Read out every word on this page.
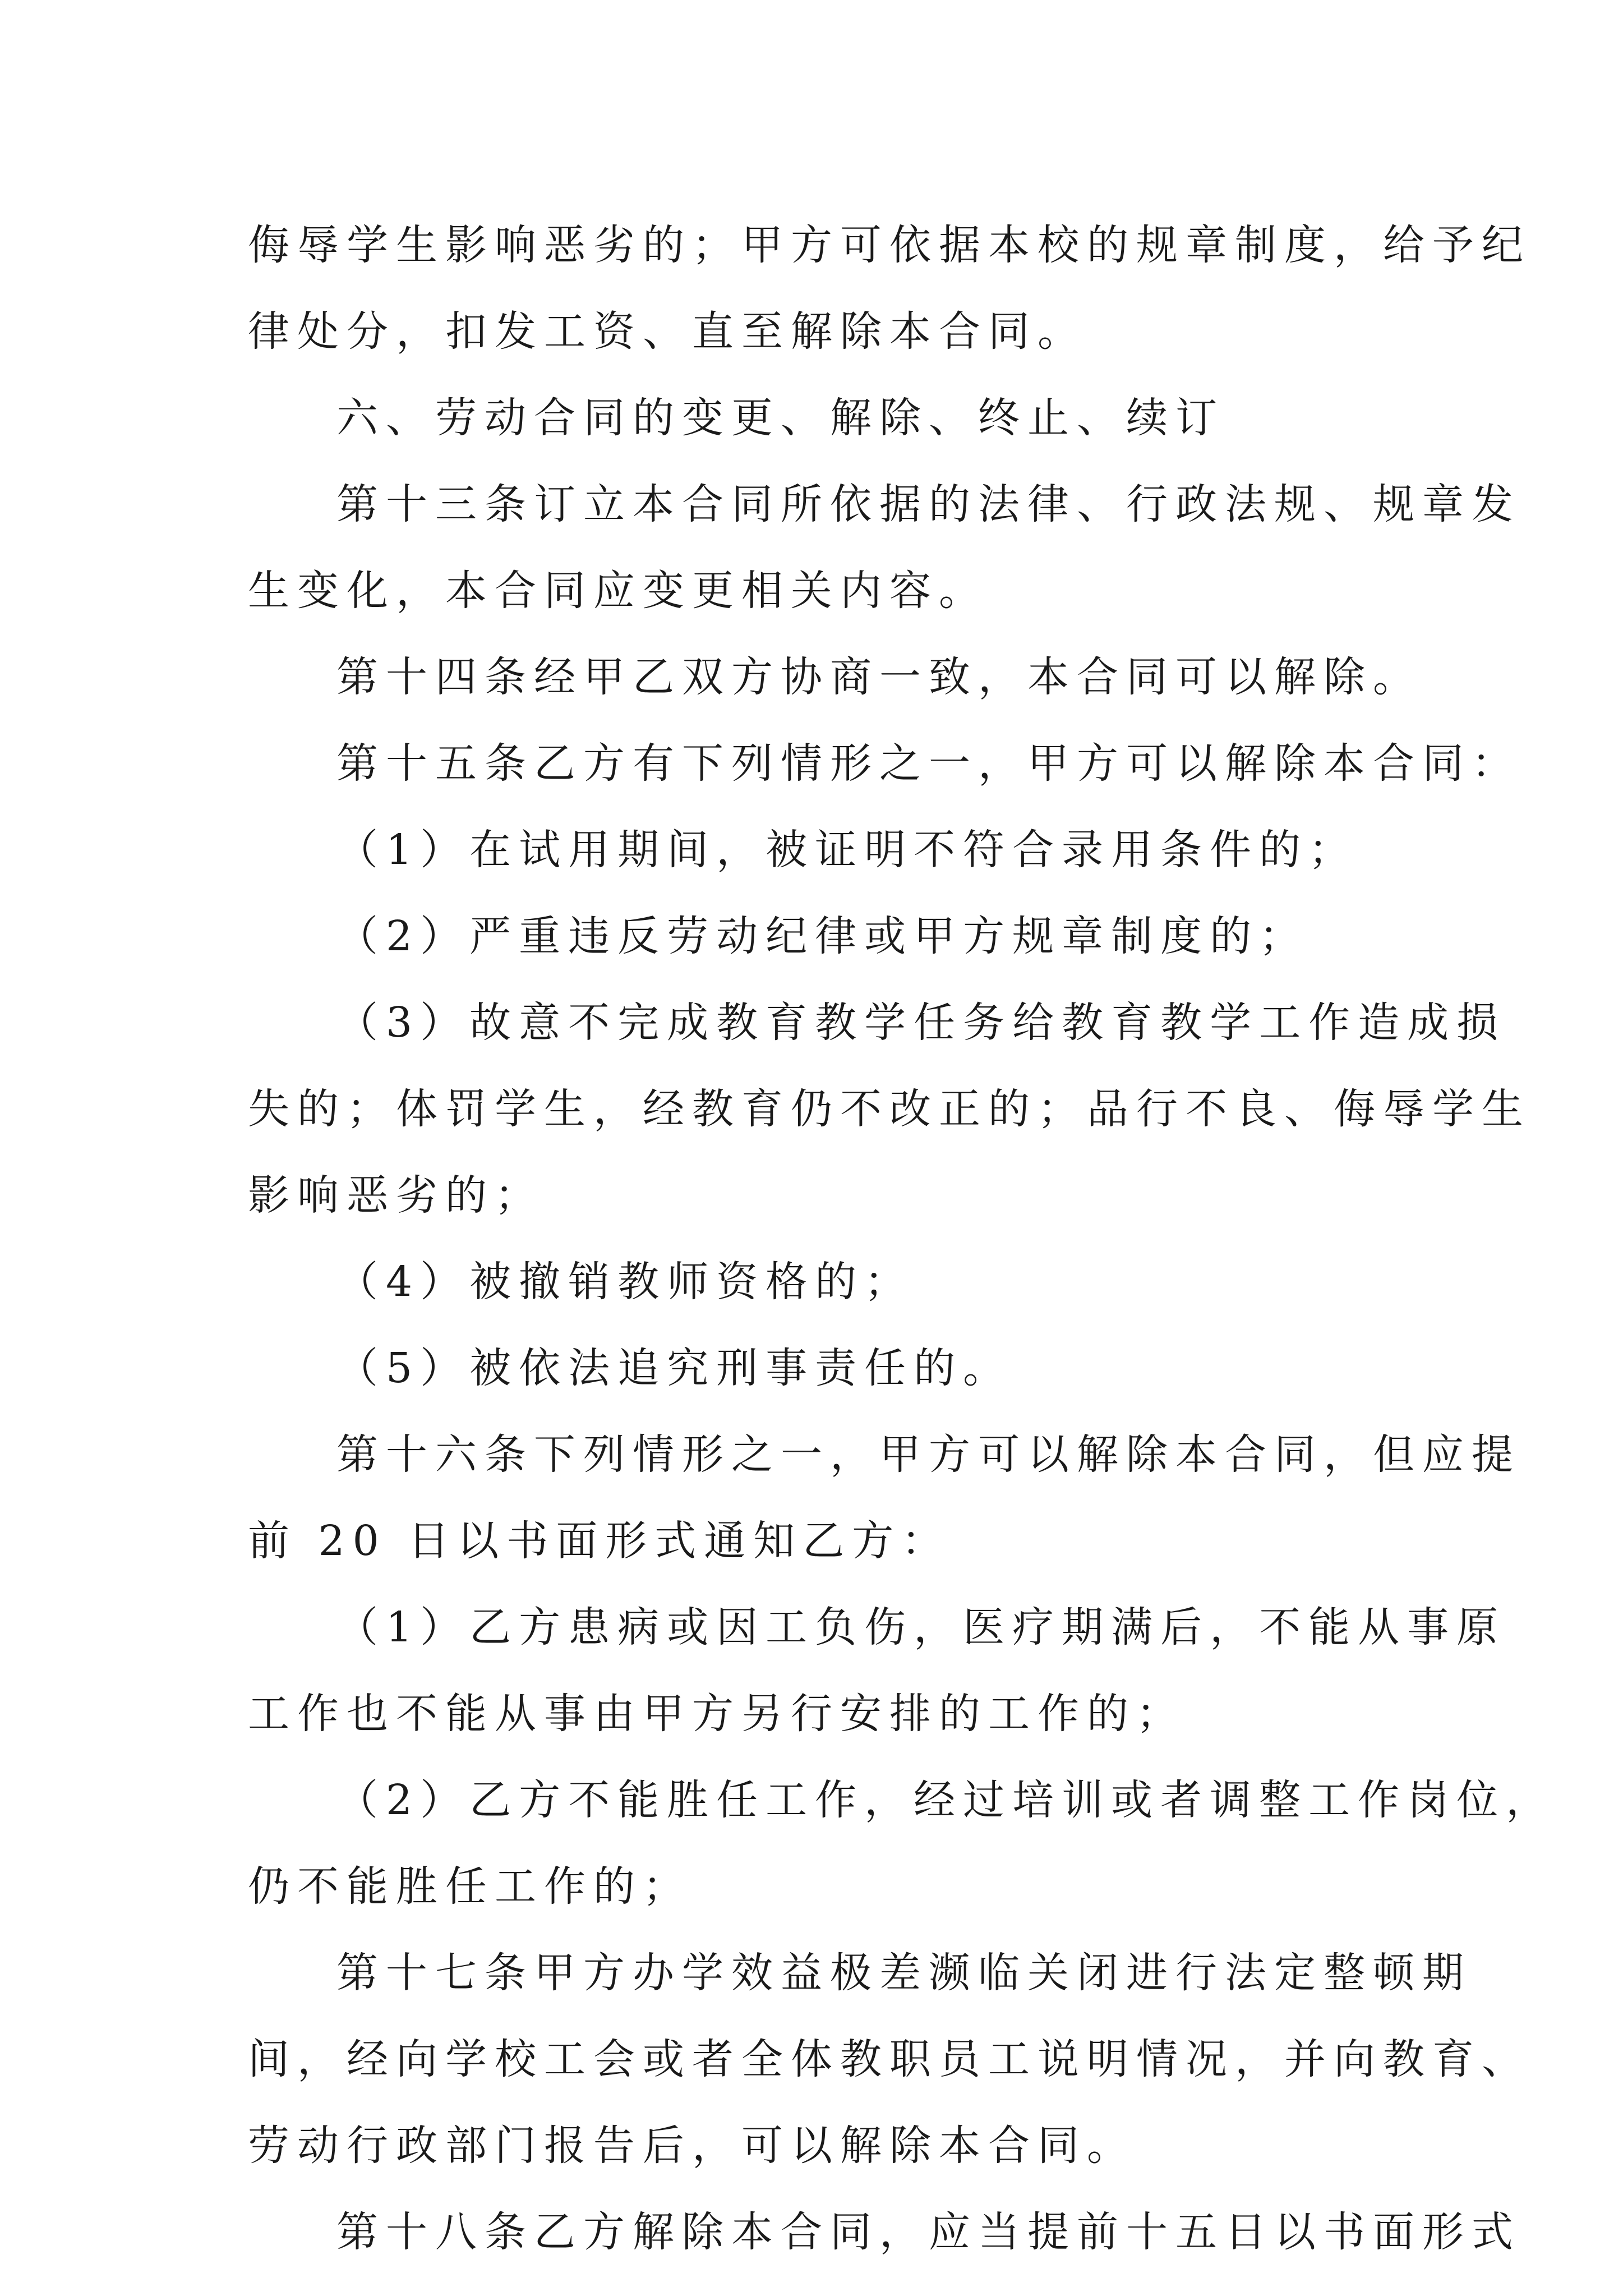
侮辱学生影响恶劣的；甲方可依据本校的规章制度，给予纪
律处分，扣发工资、直至解除本合同。
六、劳动合同的变更、解除、终止、续订
第十三条订立本合同所依据的法律、行政法规、规章发
生变化，本合同应变更相关内容。
第十四条经甲乙双方协商一致，本合同可以解除。
第十五条乙方有下列情形之一，甲方可以解除本合同：
（1）在试用期间，被证明不符合录用条件的；
（2）严重违反劳动纪律或甲方规章制度的；
（3）故意不完成教育教学任务给教育教学工作造成损
失的；体罚学生，经教育仍不改正的；品行不良、侮辱学生
影响恶劣的；
（4）被撤销教师资格的；
（5）被依法追究刑事责任的。
第十六条下列情形之一，甲方可以解除本合同，但应提
前 20 日以书面形式通知乙方：
（1）乙方患病或因工负伤，医疗期满后，不能从事原
工作也不能从事由甲方另行安排的工作的；
（2）乙方不能胜任工作，经过培训或者调整工作岗位，
仍不能胜任工作的；
第十七条甲方办学效益极差濒临关闭进行法定整顿期
间，经向学校工会或者全体教职员工说明情况，并向教育、
劳动行政部门报告后，可以解除本合同。
第十八条乙方解除本合同，应当提前十五日以书面形式
